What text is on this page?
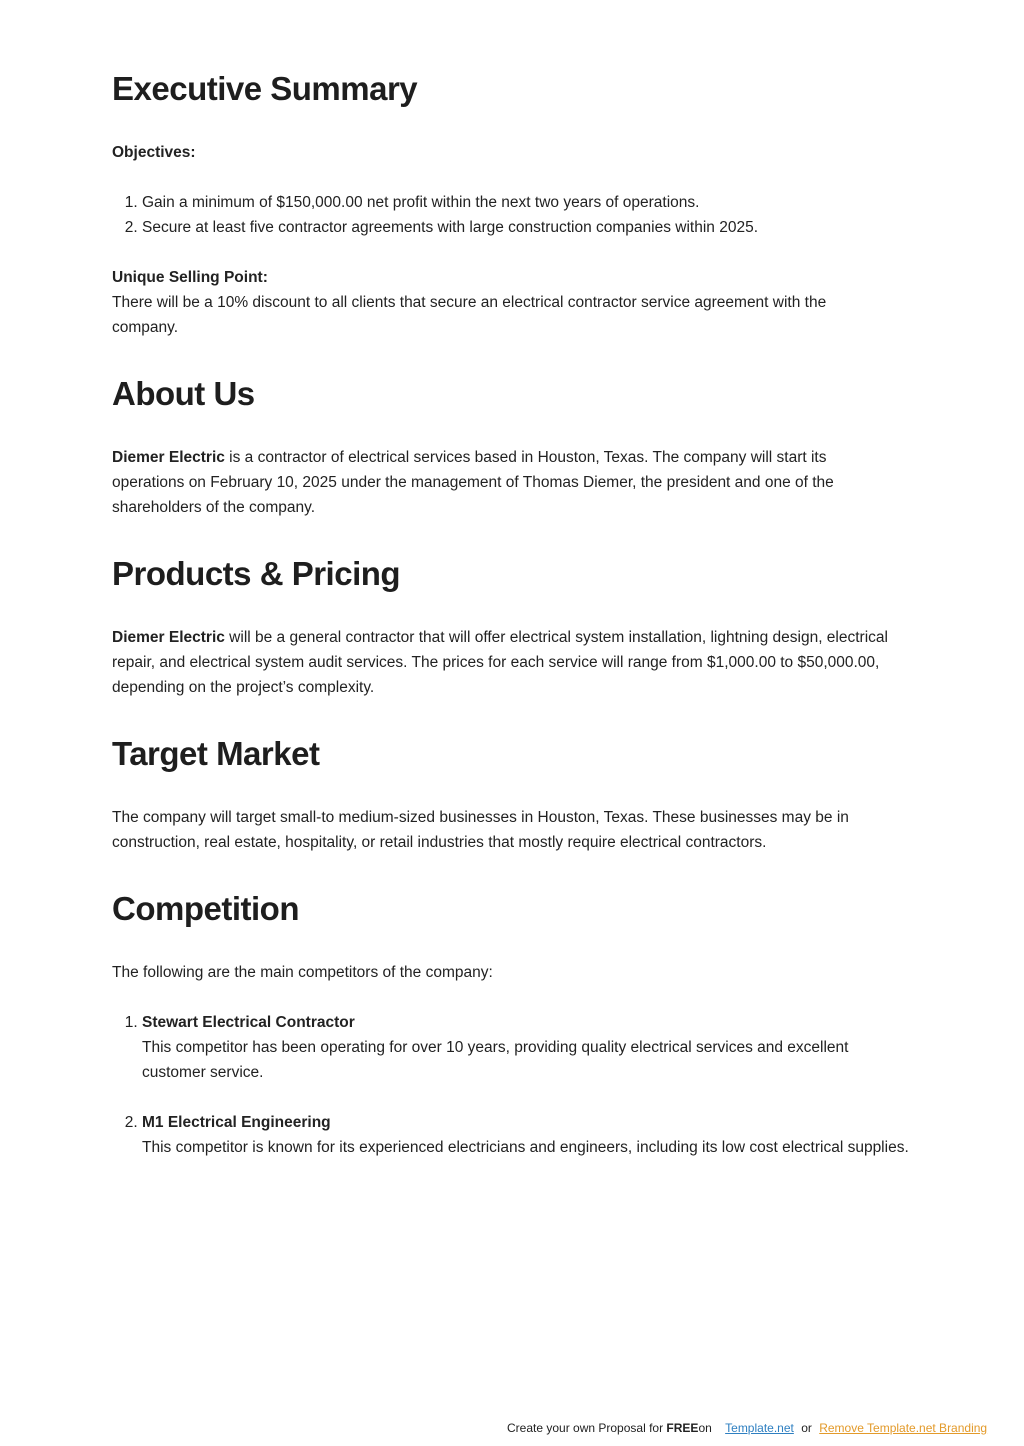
Executive Summary

Objectives:

1. Gain a minimum of $150,000.00 net profit within the next two years of operations.
2. Secure at least five contractor agreements with large construction companies within 2025.

Unique Selling Point:

There will be a 10% discount to all clients that secure an electrical contractor service agreement with the company.

About Us

Diemer Electric is a contractor of electrical services based in Houston, Texas. The company will start its operations on February 10, 2025 under the management of Thomas Diemer, the president and one of the shareholders of the company.

Products & Pricing

Diemer Electric will be a general contractor that will offer electrical system installation, lightning design, electrical repair, and electrical system audit services. The prices for each service will range from $1,000.00 to $50,000.00, depending on the project’s complexity.

Target Market

The company will target small-to medium-sized businesses in Houston, Texas. These businesses may be in construction, real estate, hospitality, or retail industries that mostly require electrical contractors.

Competition

The following are the main competitors of the company:

1. Stewart Electrical Contractor
This competitor has been operating for over 10 years, providing quality electrical services and excellent customer service.
2. M1 Electrical Engineering
This competitor is known for its experienced electricians and engineers, including its low cost electrical supplies.
Create your own Proposal for FREEon Template.net or Remove Template.net Branding
